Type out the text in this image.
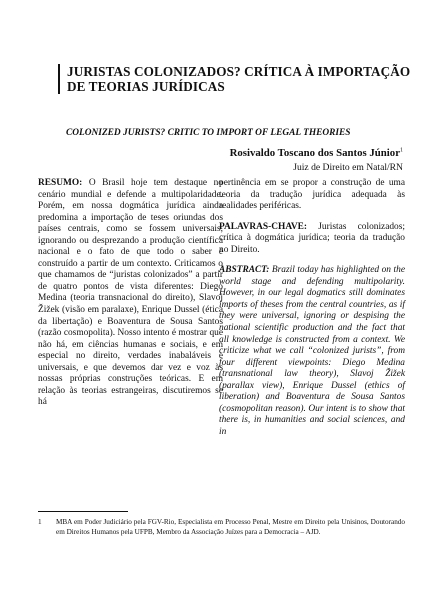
JURISTAS COLONIZADOS? CRÍTICA À IMPORTAÇÃO DE TEORIAS JURÍDICAS

COLONIZED JURISTS? CRITIC TO IMPORT OF LEGAL THEORIES

Rosivaldo Toscano dos Santos Júnior$^1$
Juiz de Direito em Natal/RN

RESUMO: O Brasil hoje tem destaque no cenário mundial e defende a multipolaridade. Porém, em nossa dogmática jurídica ainda predomina a importação de teses oriundas dos países centrais, como se fossem universais, ignorando ou desprezando a produção científica nacional e o fato de que todo o saber é construído a partir de um contexto. Criticamos o que chamamos de “juristas colonizados” a partir de quatro pontos de vista diferentes: Diego Medina (teoria transnacional do direito), Slavoj Žižek (visão em paralaxe), Enrique Dussel (ética da libertação) e Boaventura de Sousa Santos (razão cosmopolita). Nosso intento é mostrar que não há, em ciências humanas e sociais, e em especial no direito, verdades inabaláveis e universais, e que devemos dar vez e voz às nossas próprias construções teóricas. E em relação às teorias estrangeiras, discutiremos se há

pertinência em se propor a construção de uma teoria da tradução jurídica adequada às realidades periféricas.

PALAVRAS-CHAVE: Juristas colonizados; crítica à dogmática jurídica; teoria da tradução no Direito.

ABSTRACT: Brazil today has highlighted on the world stage and defending multipolarity. However, in our legal dogmatics still dominates imports of theses from the central countries, as if they were universal, ignoring or despising the national scientific production and the fact that all knowledge is constructed from a context. We criticize what we call “colonized jurists”, from four different viewpoints: Diego Medina (transnational law theory), Slavoj Žižek (parallax view), Enrique Dussel (ethics of liberation) and Boaventura de Sousa Santos (cosmopolitan reason). Our intent is to show that there is, in humanities and social sciences, and in

1	MBA em Poder Judiciário pela FGV-Rio, Especialista em Processo Penal, Mestre em Direito pela Unisinos, Doutorando em Direitos Humanos pela UFPB, Membro da Associação Juízes para a Democracia – AJD.
